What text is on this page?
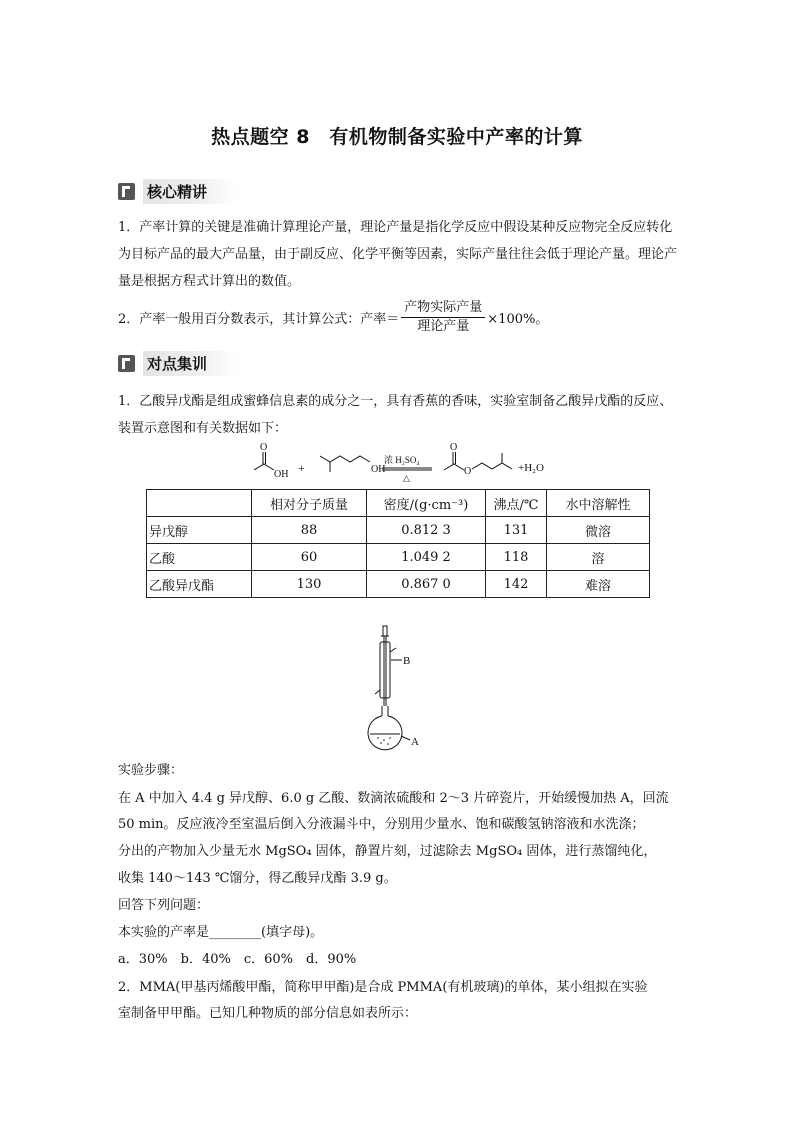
热点题空 8　有机物制备实验中产率的计算
核心精讲

1．产率计算的关键是准确计算理论产量，理论产量是指化学反应中假设某种反应物完全反应转化为目标产品的最大产品量，由于副反应、化学平衡等因素，实际产量往往会低于理论产量。理论产量是根据方程式计算出的数值。

2．产率一般用百分数表示，其计算公式：产率＝ $\frac{\text{产物实际产量}}{\text{理论产量}} \times 100\%$。
对点集训

1．乙酸异戊酯是组成蜜蜂信息素的成分之一，具有香蕉的香味，实验室制备乙酸异戊酯的反应、装置示意图和有关数据如下：

OH
O
+	OH
浓 H₂SO₄
△
O
O	+H₂O
	相对分子质量	密度/(g·cm⁻³)	沸点/℃	水中溶解性
异戊醇	88	0.812 3	131	微溶
乙酸	60	1.049 2	118	溶
乙酸异戊酯	130	0.867 0	142	难溶
B
A
实验步骤：
在 A 中加入 4.4 g 异戊醇、6.0 g 乙酸、数滴浓硫酸和 2～3 片碎瓷片，开始缓慢加热 A，回流
50 min。反应液冷至室温后倒入分液漏斗中，分别用少量水、饱和碳酸氢钠溶液和水洗涤；
分出的产物加入少量无水 MgSO₄ 固体，静置片刻，过滤除去 MgSO₄ 固体，进行蒸馏纯化，
收集 140～143 ℃馏分，得乙酸异戊酯 3.9 g。
回答下列问题：
本实验的产率是________(填字母)。
a．30%　b．40%　c．60%　d．90%
2．MMA(甲基丙烯酸甲酯，简称甲甲酯)是合成 PMMA(有机玻璃)的单体，某小组拟在实验
室制备甲甲酯。已知几种物质的部分信息如表所示：
